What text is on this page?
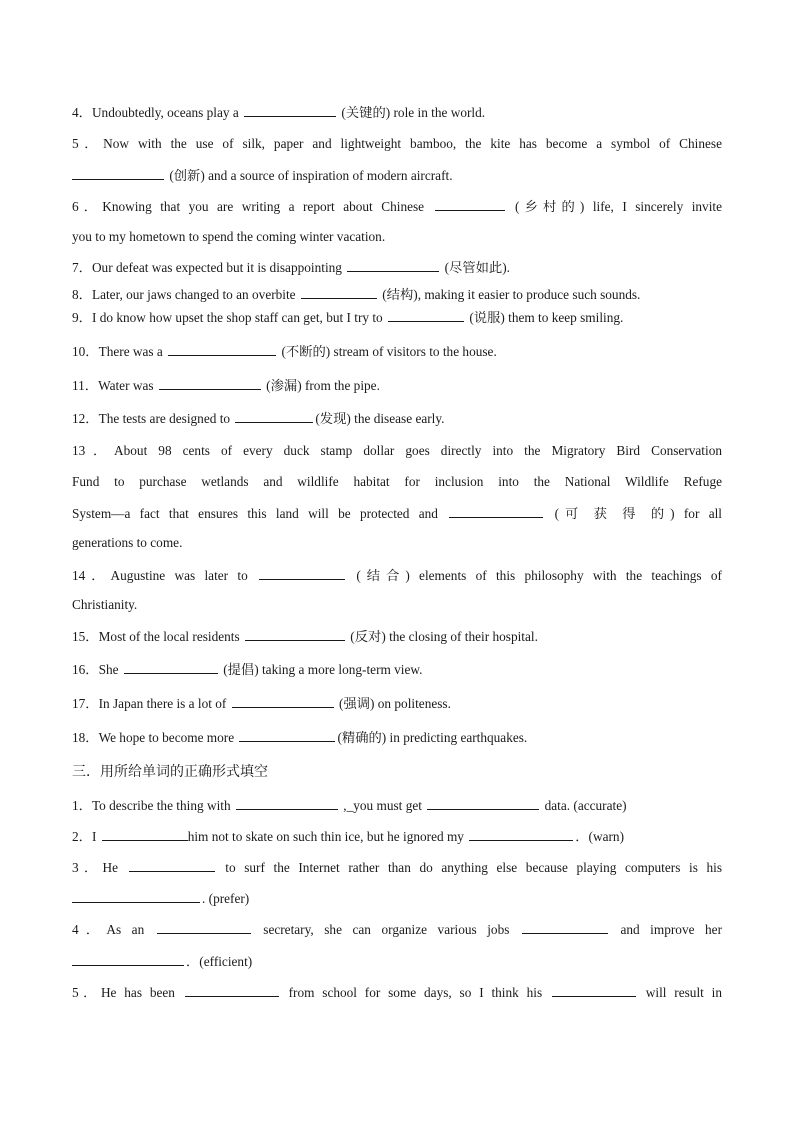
4．Undoubtedly, oceans play a	(关键的) role in the world.
5．Now with the use of silk, paper and lightweight bamboo, the kite has become a symbol of Chinese
(创新) and a source of inspiration of modern aircraft.
6．Knowing that you are writing a report about Chinese	(乡村的) life, I sincerely invite
you to my hometown to spend the coming winter vacation.
7．Our defeat was expected but it is disappointing	(尽管如此).
8．Later, our jaws changed to an overbite	(结构), making it easier to produce such sounds.
9．I do know how upset the shop staff can get, but I try to	(说服) them to keep smiling.
10．There was a	(不断的) stream of visitors to the house.
11．Water was	(渗漏) from the pipe.
12．The tests are designed to	(发现) the disease early.
13．About 98 cents of every duck stamp dollar goes directly into the Migratory Bird Conservation
Fund to purchase wetlands and wildlife habitat for inclusion into the National Wildlife Refuge
System—a fact that ensures this land will be protected and	(可 获 得 的) for all
generations to come.
14．Augustine was later to	(结合) elements of this philosophy with the teachings of
Christianity.
15．Most of the local residents	(反对) the closing of their hospital.
16．She	(提倡) taking a more long-term view.
17．In Japan there is a lot of	(强调) on politeness.
18．We hope to become more	(精确的) in predicting earthquakes.
三．用所给单词的正确形式填空
1．To describe the thing with	,_you must get	data. (accurate)
2．I	him not to skate on such thin ice, but he ignored my	．(warn)
3．He	to surf the Internet rather than do anything else because playing computers is his
. (prefer)
4．As an	secretary, she can organize various jobs	and improve her
．(efficient)
5．He has been	from school for some days, so I think his	will result in
